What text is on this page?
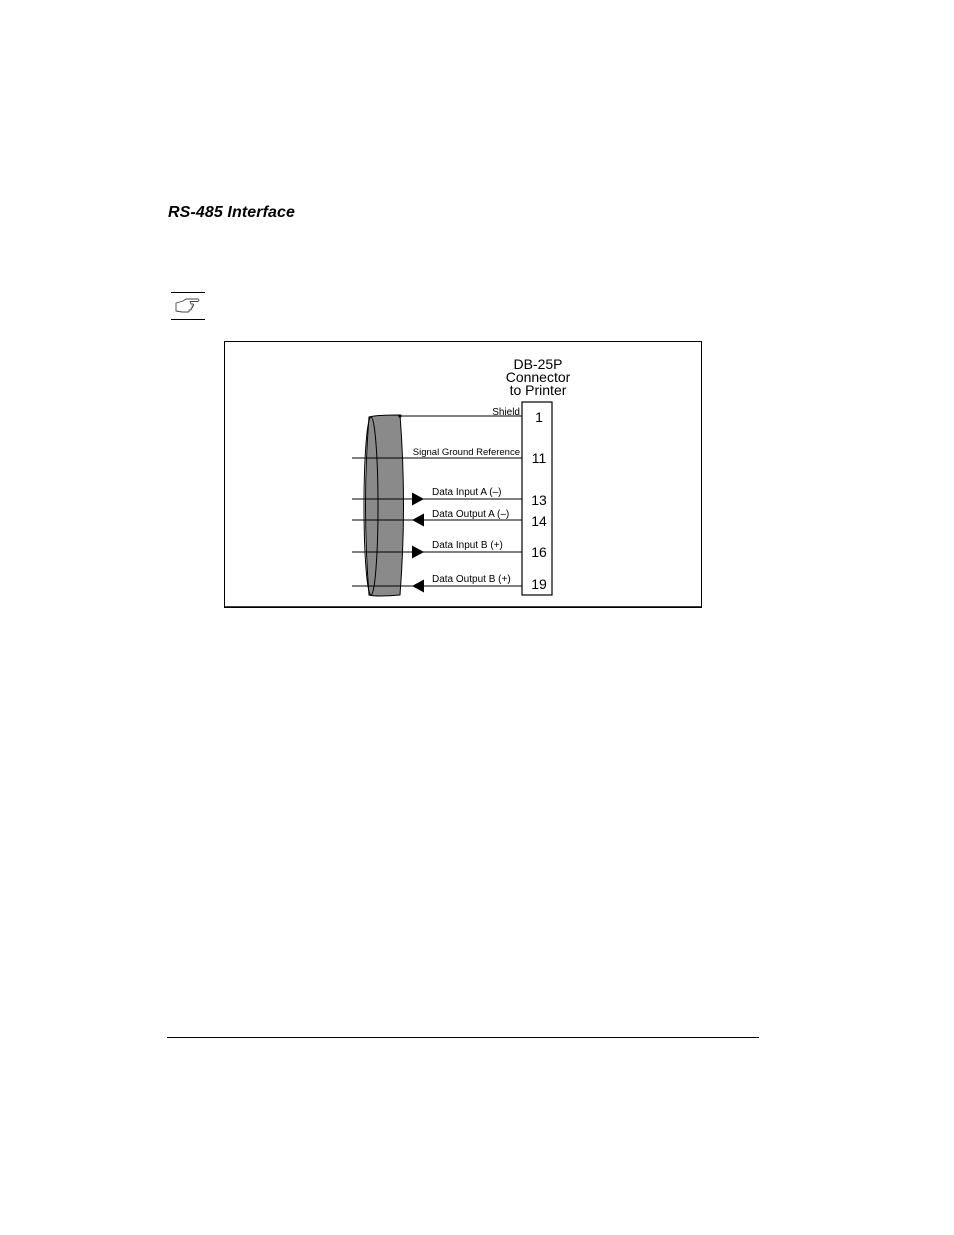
RS-485 Interface
DB-25P
Connector
to Printer
Shield
Signal Ground Reference
Data Input A (–)
Data Output A (–)
Data Input B (+)
Data Output B (+)
1
11
13
14
16
19
